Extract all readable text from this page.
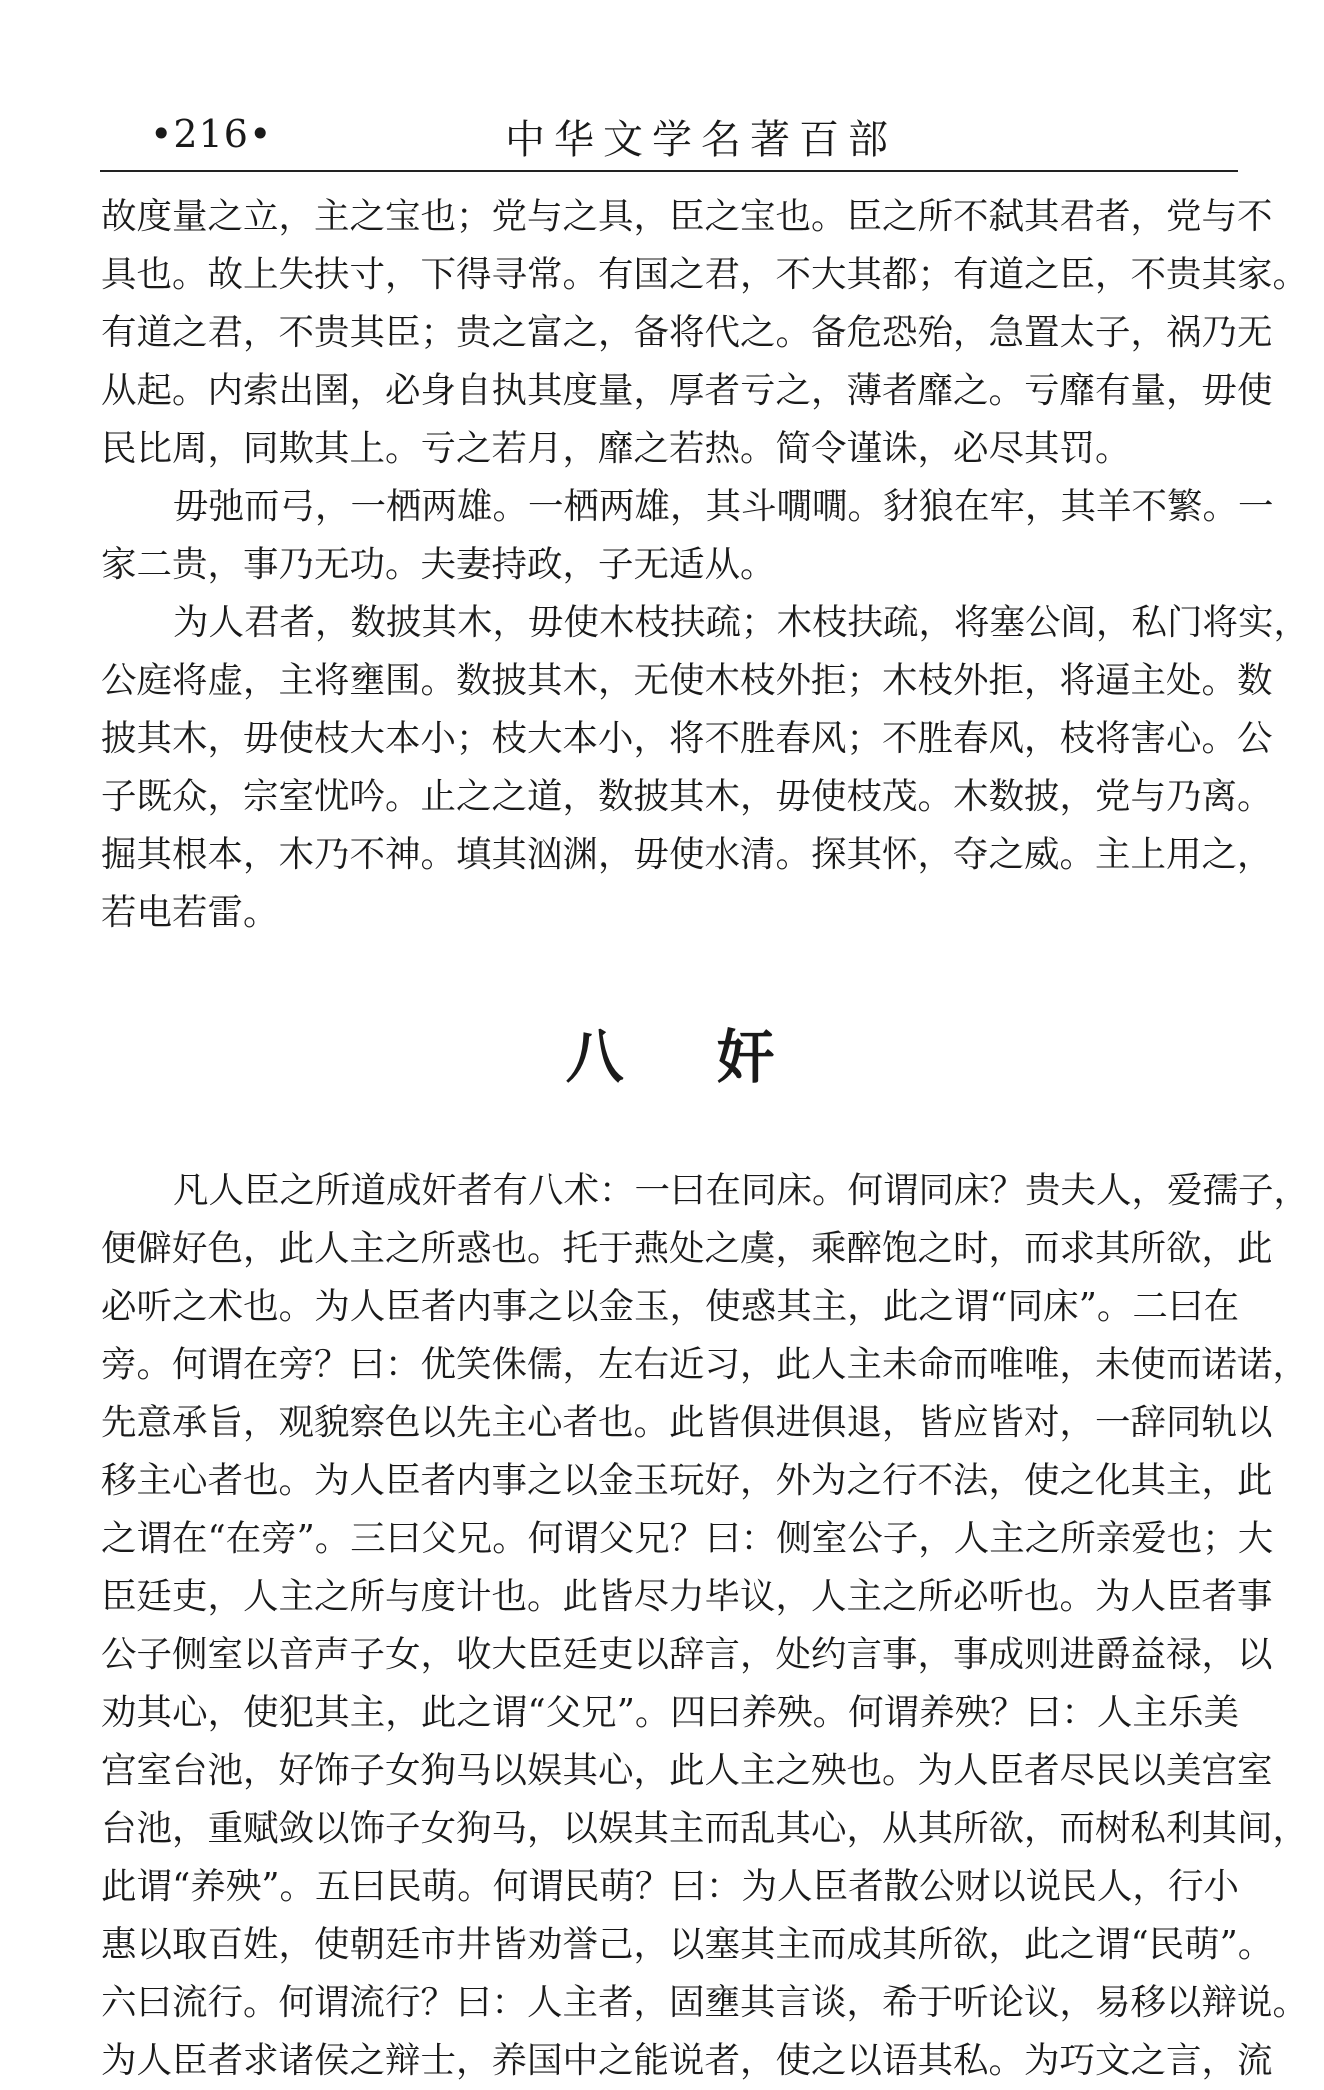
•216•	中华文学名著百部
故度量之立，主之宝也；党与之具，臣之宝也。臣之所不弑其君者，党与不
具也。故上失扶寸，下得寻常。有国之君，不大其都；有道之臣，不贵其家。
有道之君，不贵其臣；贵之富之，备将代之。备危恐殆，急置太子，祸乃无
从起。内索出圉，必身自执其度量，厚者亏之，薄者靡之。亏靡有量，毋使
民比周，同欺其上。亏之若月，靡之若热。简令谨诛，必尽其罚。
毋弛而弓，一栖两雄。一栖两雄，其斗㗴㗴。豺狼在牢，其羊不繁。一
家二贵，事乃无功。夫妻持政，子无适从。
为人君者，数披其木，毋使木枝扶疏；木枝扶疏，将塞公闾，私门将实，
公庭将虚，主将壅围。数披其木，无使木枝外拒；木枝外拒，将逼主处。数
披其木，毋使枝大本小；枝大本小，将不胜春风；不胜春风，枝将害心。公
子既众，宗室忧吟。止之之道，数披其木，毋使枝茂。木数披，党与乃离。
掘其根本，木乃不神。填其汹渊，毋使水清。探其怀，夺之威。主上用之，
若电若雷。
八奸
凡人臣之所道成奸者有八术：一曰在同床。何谓同床？贵夫人，爱孺子，
便僻好色，此人主之所惑也。托于燕处之虞，乘醉饱之时，而求其所欲，此
必听之术也。为人臣者内事之以金玉，使惑其主，此之谓“同床”。二曰在
旁。何谓在旁？曰：优笑侏儒，左右近习，此人主未命而唯唯，未使而诺诺，
先意承旨，观貌察色以先主心者也。此皆俱进俱退，皆应皆对，一辞同轨以
移主心者也。为人臣者内事之以金玉玩好，外为之行不法，使之化其主，此
之谓在“在旁”。三曰父兄。何谓父兄？曰：侧室公子，人主之所亲爱也；大
臣廷吏，人主之所与度计也。此皆尽力毕议，人主之所必听也。为人臣者事
公子侧室以音声子女，收大臣廷吏以辞言，处约言事，事成则进爵益禄，以
劝其心，使犯其主，此之谓“父兄”。四曰养殃。何谓养殃？曰：人主乐美
宫室台池，好饰子女狗马以娱其心，此人主之殃也。为人臣者尽民以美宫室
台池，重赋敛以饰子女狗马，以娱其主而乱其心，从其所欲，而树私利其间，
此谓“养殃”。五曰民萌。何谓民萌？曰：为人臣者散公财以说民人，行小
惠以取百姓，使朝廷市井皆劝誉己，以塞其主而成其所欲，此之谓“民萌”。
六曰流行。何谓流行？曰：人主者，固壅其言谈，希于听论议，易移以辩说。
为人臣者求诸侯之辩士，养国中之能说者，使之以语其私。为巧文之言，流
